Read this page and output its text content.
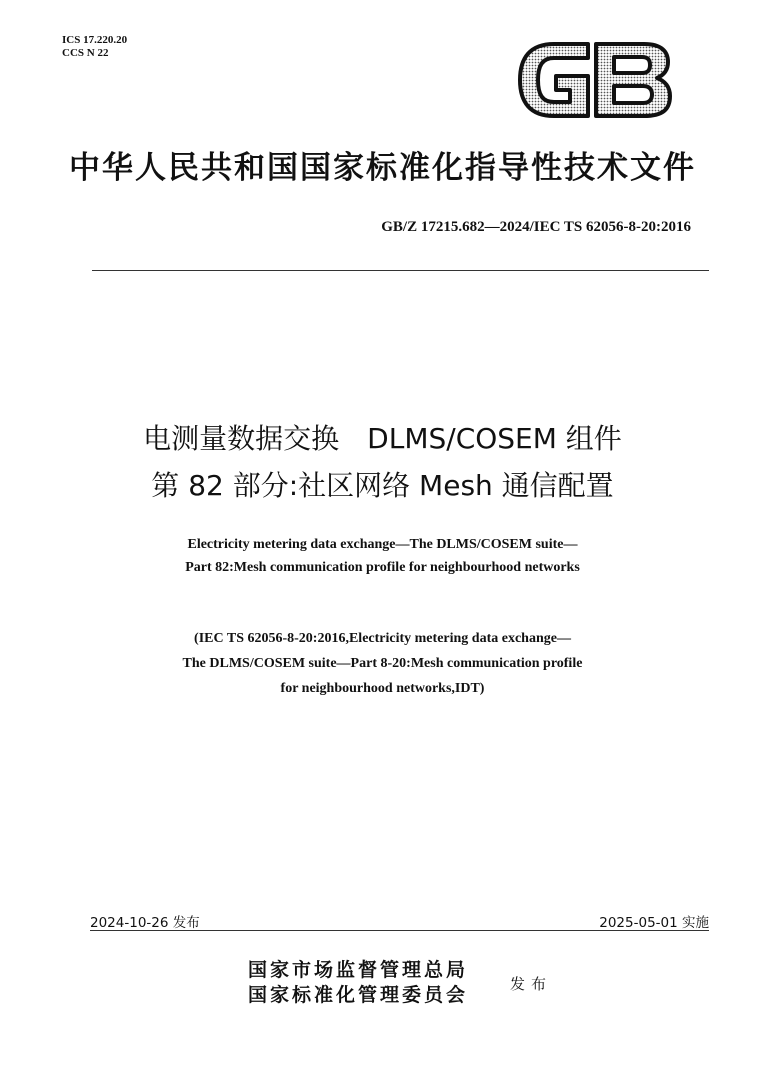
ICS 17.220.20
CCS N 22
中华人民共和国国家标准化指导性技术文件
GB/Z 17215.682—2024/IEC TS 62056-8-20:2016
电测量数据交换　DLMS/COSEM 组件
第 82 部分:社区网络 Mesh 通信配置
Electricity metering data exchange—The DLMS/COSEM suite—
Part 82:Mesh communication profile for neighbourhood networks
(IEC TS 62056-8-20:2016,Electricity metering data exchange—
The DLMS/COSEM suite—Part 8-20:Mesh communication profile
for neighbourhood networks,IDT)
2024-10-26 发布	2025-05-01 实施
国家市场监督管理总局
国家标准化管理委员会	发布
